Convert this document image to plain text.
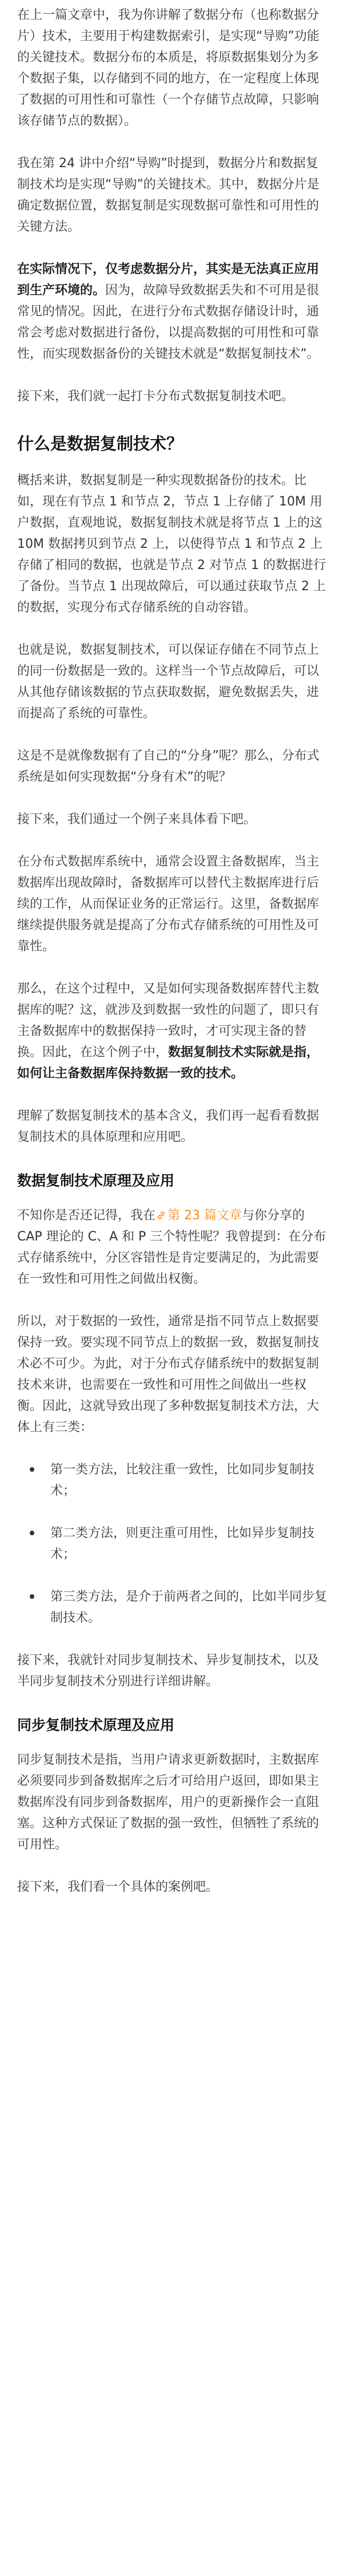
在上一篇文章中，我为你讲解了数据分布（也称数据分片）技术，主要用于构建数据索引，是实现“导购”功能的关键技术。数据分布的本质是，将原数据集划分为多个数据子集，以存储到不同的地方，在一定程度上体现了数据的可用性和可靠性（一个存储节点故障，只影响该存储节点的数据）。

我在第 24 讲中介绍“导购”时提到，数据分片和数据复制技术均是实现“导购”的关键技术。其中，数据分片是确定数据位置，数据复制是实现数据可靠性和可用性的关键方法。

在实际情况下，仅考虑数据分片，其实是无法真正应用到生产环境的。因为，故障导致数据丢失和不可用是很常见的情况。因此，在进行分布式数据存储设计时，通常会考虑对数据进行备份，以提高数据的可用性和可靠性，而实现数据备份的关键技术就是“数据复制技术”。

接下来，我们就一起打卡分布式数据复制技术吧。

什么是数据复制技术？

概括来讲，数据复制是一种实现数据备份的技术。比如，现在有节点 1 和节点 2，节点 1 上存储了 10M 用户数据，直观地说，数据复制技术就是将节点 1 上的这 10M 数据拷贝到节点 2 上，以使得节点 1 和节点 2 上存储了相同的数据，也就是节点 2 对节点 1 的数据进行了备份。当节点 1 出现故障后，可以通过获取节点 2 上的数据，实现分布式存储系统的自动容错。

也就是说，数据复制技术，可以保证存储在不同节点上的同一份数据是一致的。这样当一个节点故障后，可以从其他存储该数据的节点获取数据，避免数据丢失，进而提高了系统的可靠性。

这是不是就像数据有了自己的“分身”呢？那么，分布式系统是如何实现数据“分身有术”的呢？

接下来，我们通过一个例子来具体看下吧。

在分布式数据库系统中，通常会设置主备数据库，当主数据库出现故障时，备数据库可以替代主数据库进行后续的工作，从而保证业务的正常运行。这里，备数据库继续提供服务就是提高了分布式存储系统的可用性及可靠性。

那么，在这个过程中，又是如何实现备数据库替代主数据库的呢？这，就涉及到数据一致性的问题了，即只有主备数据库中的数据保持一致时，才可实现主备的替换。因此，在这个例子中，数据复制技术实际就是指，如何让主备数据库保持数据一致的技术。

理解了数据复制技术的基本含义，我们再一起看看数据复制技术的具体原理和应用吧。

数据复制技术原理及应用

不知你是否还记得，我在 第 23 篇文章与你分享的 CAP 理论的 C、A 和 P 三个特性呢？我曾提到：在分布式存储系统中，分区容错性是肯定要满足的，为此需要在一致性和可用性之间做出权衡。

所以，对于数据的一致性，通常是指不同节点上数据要保持一致。要实现不同节点上的数据一致，数据复制技术必不可少。为此，对于分布式存储系统中的数据复制技术来讲，也需要在一致性和可用性之间做出一些权衡。因此，这就导致出现了多种数据复制技术方法，大体上有三类：

第一类方法，比较注重一致性，比如同步复制技术；
第二类方法，则更注重可用性，比如异步复制技术；
第三类方法，是介于前两者之间的，比如半同步复制技术。

接下来，我就针对同步复制技术、异步复制技术，以及半同步复制技术分别进行详细讲解。

同步复制技术原理及应用

同步复制技术是指，当用户请求更新数据时，主数据库必须要同步到备数据库之后才可给用户返回，即如果主数据库没有同步到备数据库，用户的更新操作会一直阻塞。这种方式保证了数据的强一致性，但牺牲了系统的可用性。

接下来，我们看一个具体的案例吧。
